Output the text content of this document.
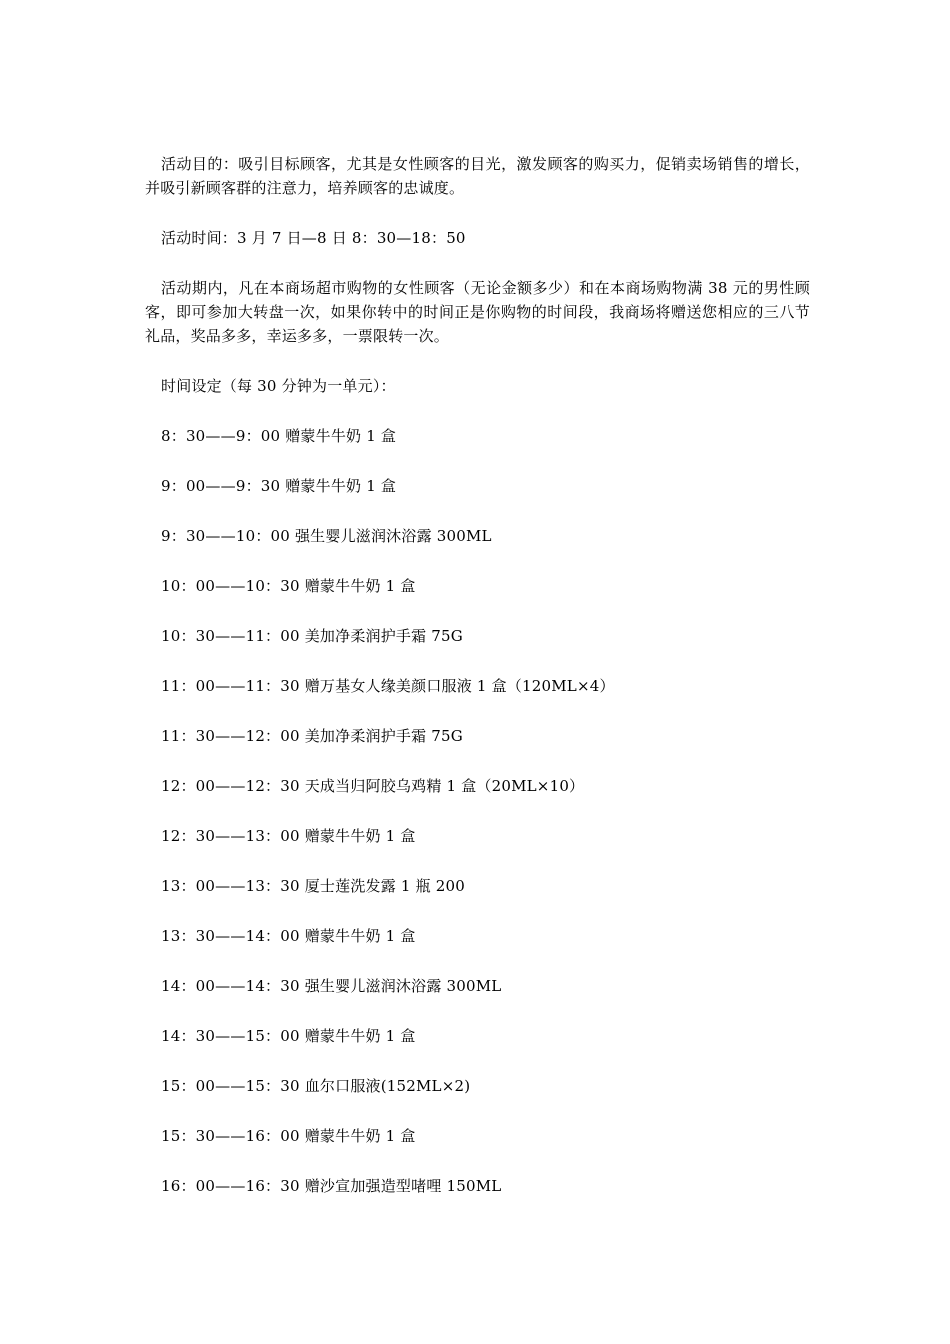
活动目的：吸引目标顾客，尤其是女性顾客的目光，激发顾客的购买力，促销卖场销售的增长，并吸引新顾客群的注意力，培养顾客的忠诚度。

活动时间：3 月 7 日—8 日 8：30—18：50

活动期内，凡在本商场超市购物的女性顾客（无论金额多少）和在本商场购物满 38 元的男性顾客，即可参加大转盘一次，如果你转中的时间正是你购物的时间段，我商场将赠送您相应的三八节礼品，奖品多多，幸运多多，一票限转一次。

时间设定（每 30 分钟为一单元）：

8：30——9：00 赠蒙牛牛奶 1 盒
9：00——9：30 赠蒙牛牛奶 1 盒
9：30——10：00 强生婴儿滋润沐浴露 300ML
10：00——10：30 赠蒙牛牛奶 1 盒
10：30——11：00 美加净柔润护手霜 75G
11：00——11：30 赠万基女人缘美颜口服液 1 盒（120ML×4）
11：30——12：00 美加净柔润护手霜 75G
12：00——12：30 天成当归阿胶乌鸡精 1 盒（20ML×10）
12：30——13：00 赠蒙牛牛奶 1 盒
13：00——13：30 厦士莲洗发露 1 瓶 200
13：30——14：00 赠蒙牛牛奶 1 盒
14：00——14：30 强生婴儿滋润沐浴露 300ML
14：30——15：00 赠蒙牛牛奶 1 盒
15：00——15：30 血尔口服液(152ML×2)
15：30——16：00 赠蒙牛牛奶 1 盒
16：00——16：30 赠沙宣加强造型啫哩 150ML
